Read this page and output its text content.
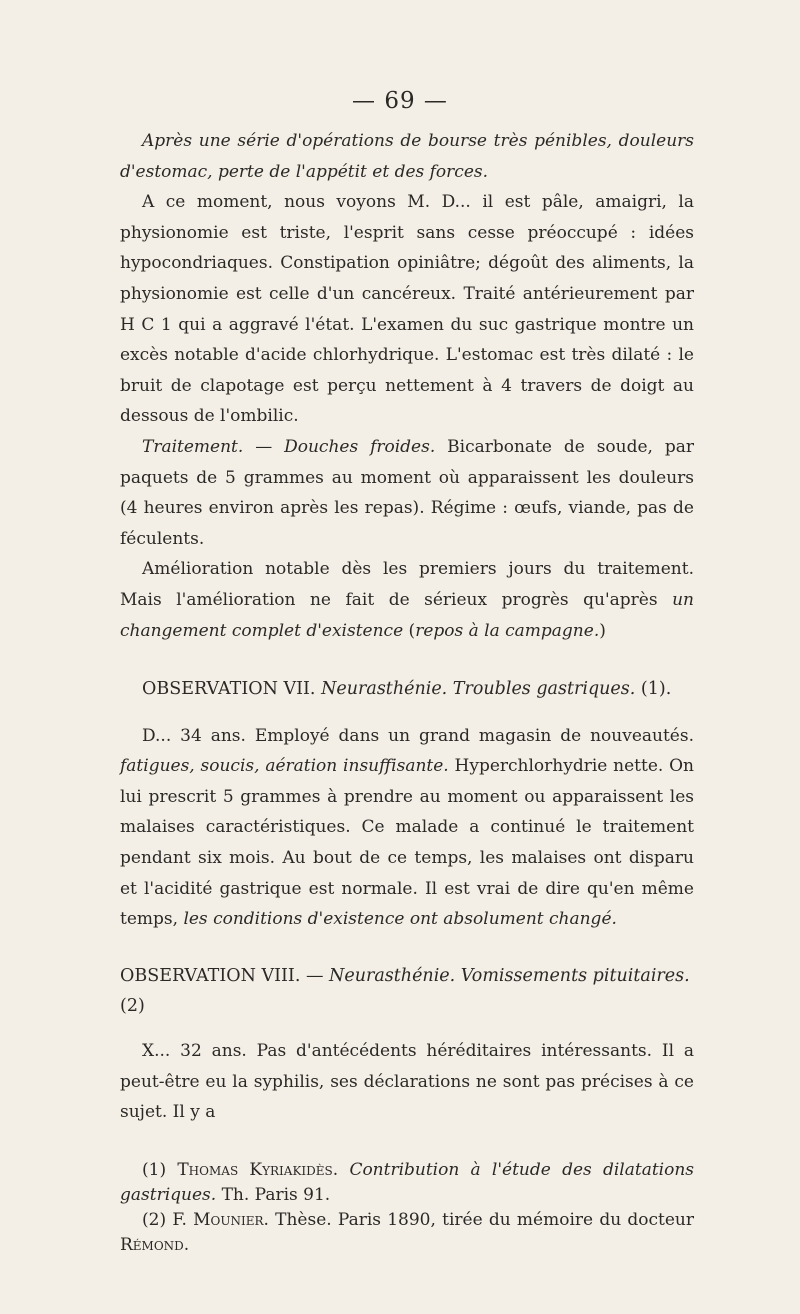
— 69 —

Après une série d'opérations de bourse très pénibles, douleurs d'estomac, perte de l'appétit et des forces.

A ce moment, nous voyons M. D... il est pâle, amaigri, la physionomie est triste, l'esprit sans cesse préoccupé : idées hypocondriaques. Constipation opiniâtre; dégoût des aliments, la physionomie est celle d'un cancéreux. Traité antérieurement par H C 1 qui a aggravé l'état. L'examen du suc gastrique montre un excès notable d'acide chlorhydrique. L'estomac est très dilaté : le bruit de clapotage est perçu nettement à 4 travers de doigt au dessous de l'ombilic.

Traitement. — Douches froides. Bicarbonate de soude, par paquets de 5 grammes au moment où apparaissent les douleurs (4 heures environ après les repas). Régime : œufs, viande, pas de féculents.

Amélioration notable dès les premiers jours du traitement. Mais l'amélioration ne fait de sérieux progrès qu'après un changement complet d'existence (repos à la campagne.)

OBSERVATION VII. Neurasthénie. Troubles gastriques. (1).

D... 34 ans. Employé dans un grand magasin de nouveautés. fatigues, soucis, aération insuffisante. Hyperchlorhydrie nette. On lui prescrit 5 grammes à prendre au moment ou apparaissent les malaises caractéristiques. Ce malade a continué le traitement pendant six mois. Au bout de ce temps, les malaises ont disparu et l'acidité gastrique est normale. Il est vrai de dire qu'en même temps, les conditions d'existence ont absolument changé.

OBSERVATION VIII. — Neurasthénie. Vomissements pituitaires. (2)

X... 32 ans. Pas d'antécédents héréditaires intéressants. Il a peut-être eu la syphilis, ses déclarations ne sont pas précises à ce sujet. Il y a

(1) Thomas Kyriakidès. Contribution à l'étude des dilatations gastriques. Th. Paris 91.

(2) F. Mounier. Thèse. Paris 1890, tirée du mémoire du docteur Rémond.
